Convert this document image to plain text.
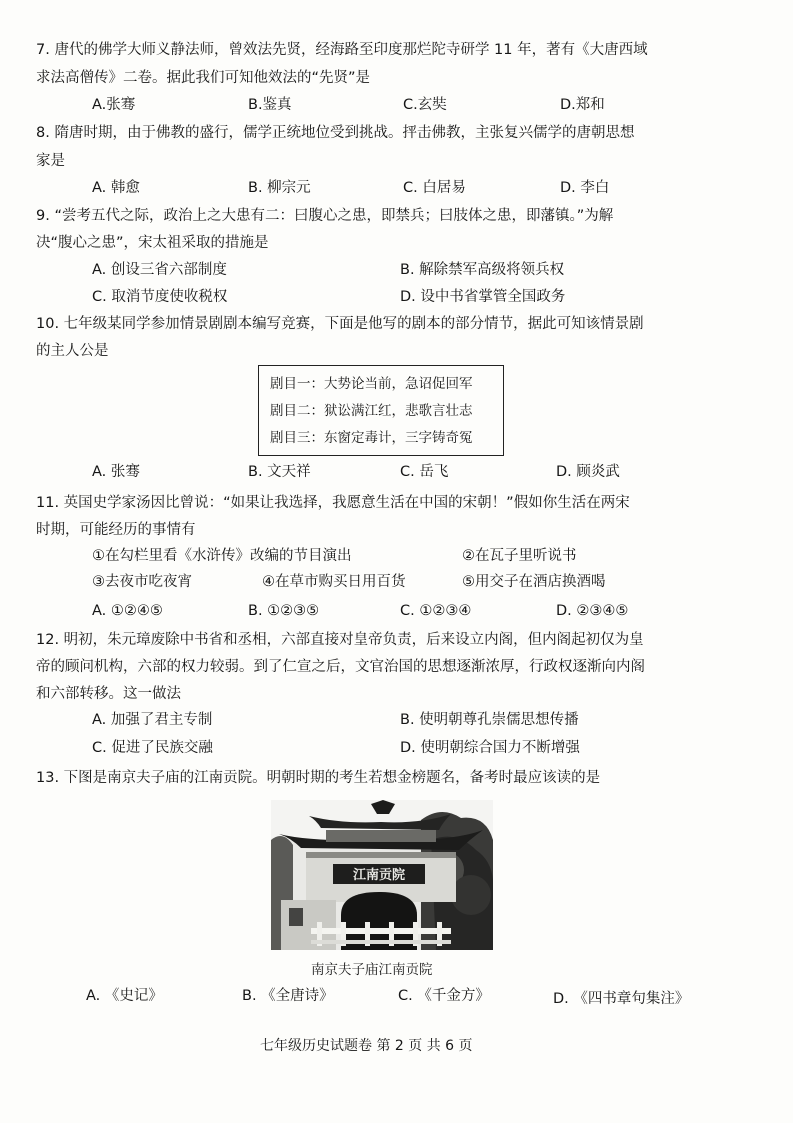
7. 唐代的佛学大师义静法师，曾效法先贤，经海路至印度那烂陀寺研学 11 年，著有《大唐西域
求法高僧传》二卷。据此我们可知他效法的“先贤”是
A.张骞	B.鉴真	C.玄奘	D.郑和
8. 隋唐时期，由于佛教的盛行，儒学正统地位受到挑战。抨击佛教，主张复兴儒学的唐朝思想
家是
A. 韩愈	B. 柳宗元	C. 白居易	D. 李白
9. “尝考五代之际，政治上之大患有二：曰腹心之患，即禁兵；曰肢体之患，即藩镇。”为解
决“腹心之患”，宋太祖采取的措施是
A. 创设三省六部制度	B. 解除禁军高级将领兵权
C. 取消节度使收税权	D. 设中书省掌管全国政务
10. 七年级某同学参加情景剧剧本编写竞赛，下面是他写的剧本的部分情节，据此可知该情景剧
的主人公是
剧目一：大势论当前，急诏促回军
剧目二：狱讼满江红，悲歌言壮志
剧目三：东窗定毒计，三字铸奇冤
A. 张骞	B. 文天祥	C. 岳飞	D. 顾炎武
11. 英国史学家汤因比曾说：“如果让我选择，我愿意生活在中国的宋朝！”假如你生活在两宋
时期，可能经历的事情有
①在勾栏里看《水浒传》改编的节目演出	②在瓦子里听说书
③去夜市吃夜宵	④在草市购买日用百货	⑤用交子在酒店换酒喝
A. ①②④⑤	B. ①②③⑤	C. ①②③④	D. ②③④⑤
12. 明初，朱元璋废除中书省和丞相，六部直接对皇帝负责，后来设立内阁，但内阁起初仅为皇
帝的顾问机构，六部的权力较弱。到了仁宣之后，文官治国的思想逐渐浓厚，行政权逐渐向内阁
和六部转移。这一做法
A. 加强了君主专制	B. 使明朝尊孔崇儒思想传播
C. 促进了民族交融	D. 使明朝综合国力不断增强
13. 下图是南京夫子庙的江南贡院。明朝时期的考生若想金榜题名，备考时最应该读的是
江南贡院
南京夫子庙江南贡院
A. 《史记》	B. 《全唐诗》	C. 《千金方》	D. 《四书章句集注》
七年级历史试题卷 第 2 页 共 6 页
